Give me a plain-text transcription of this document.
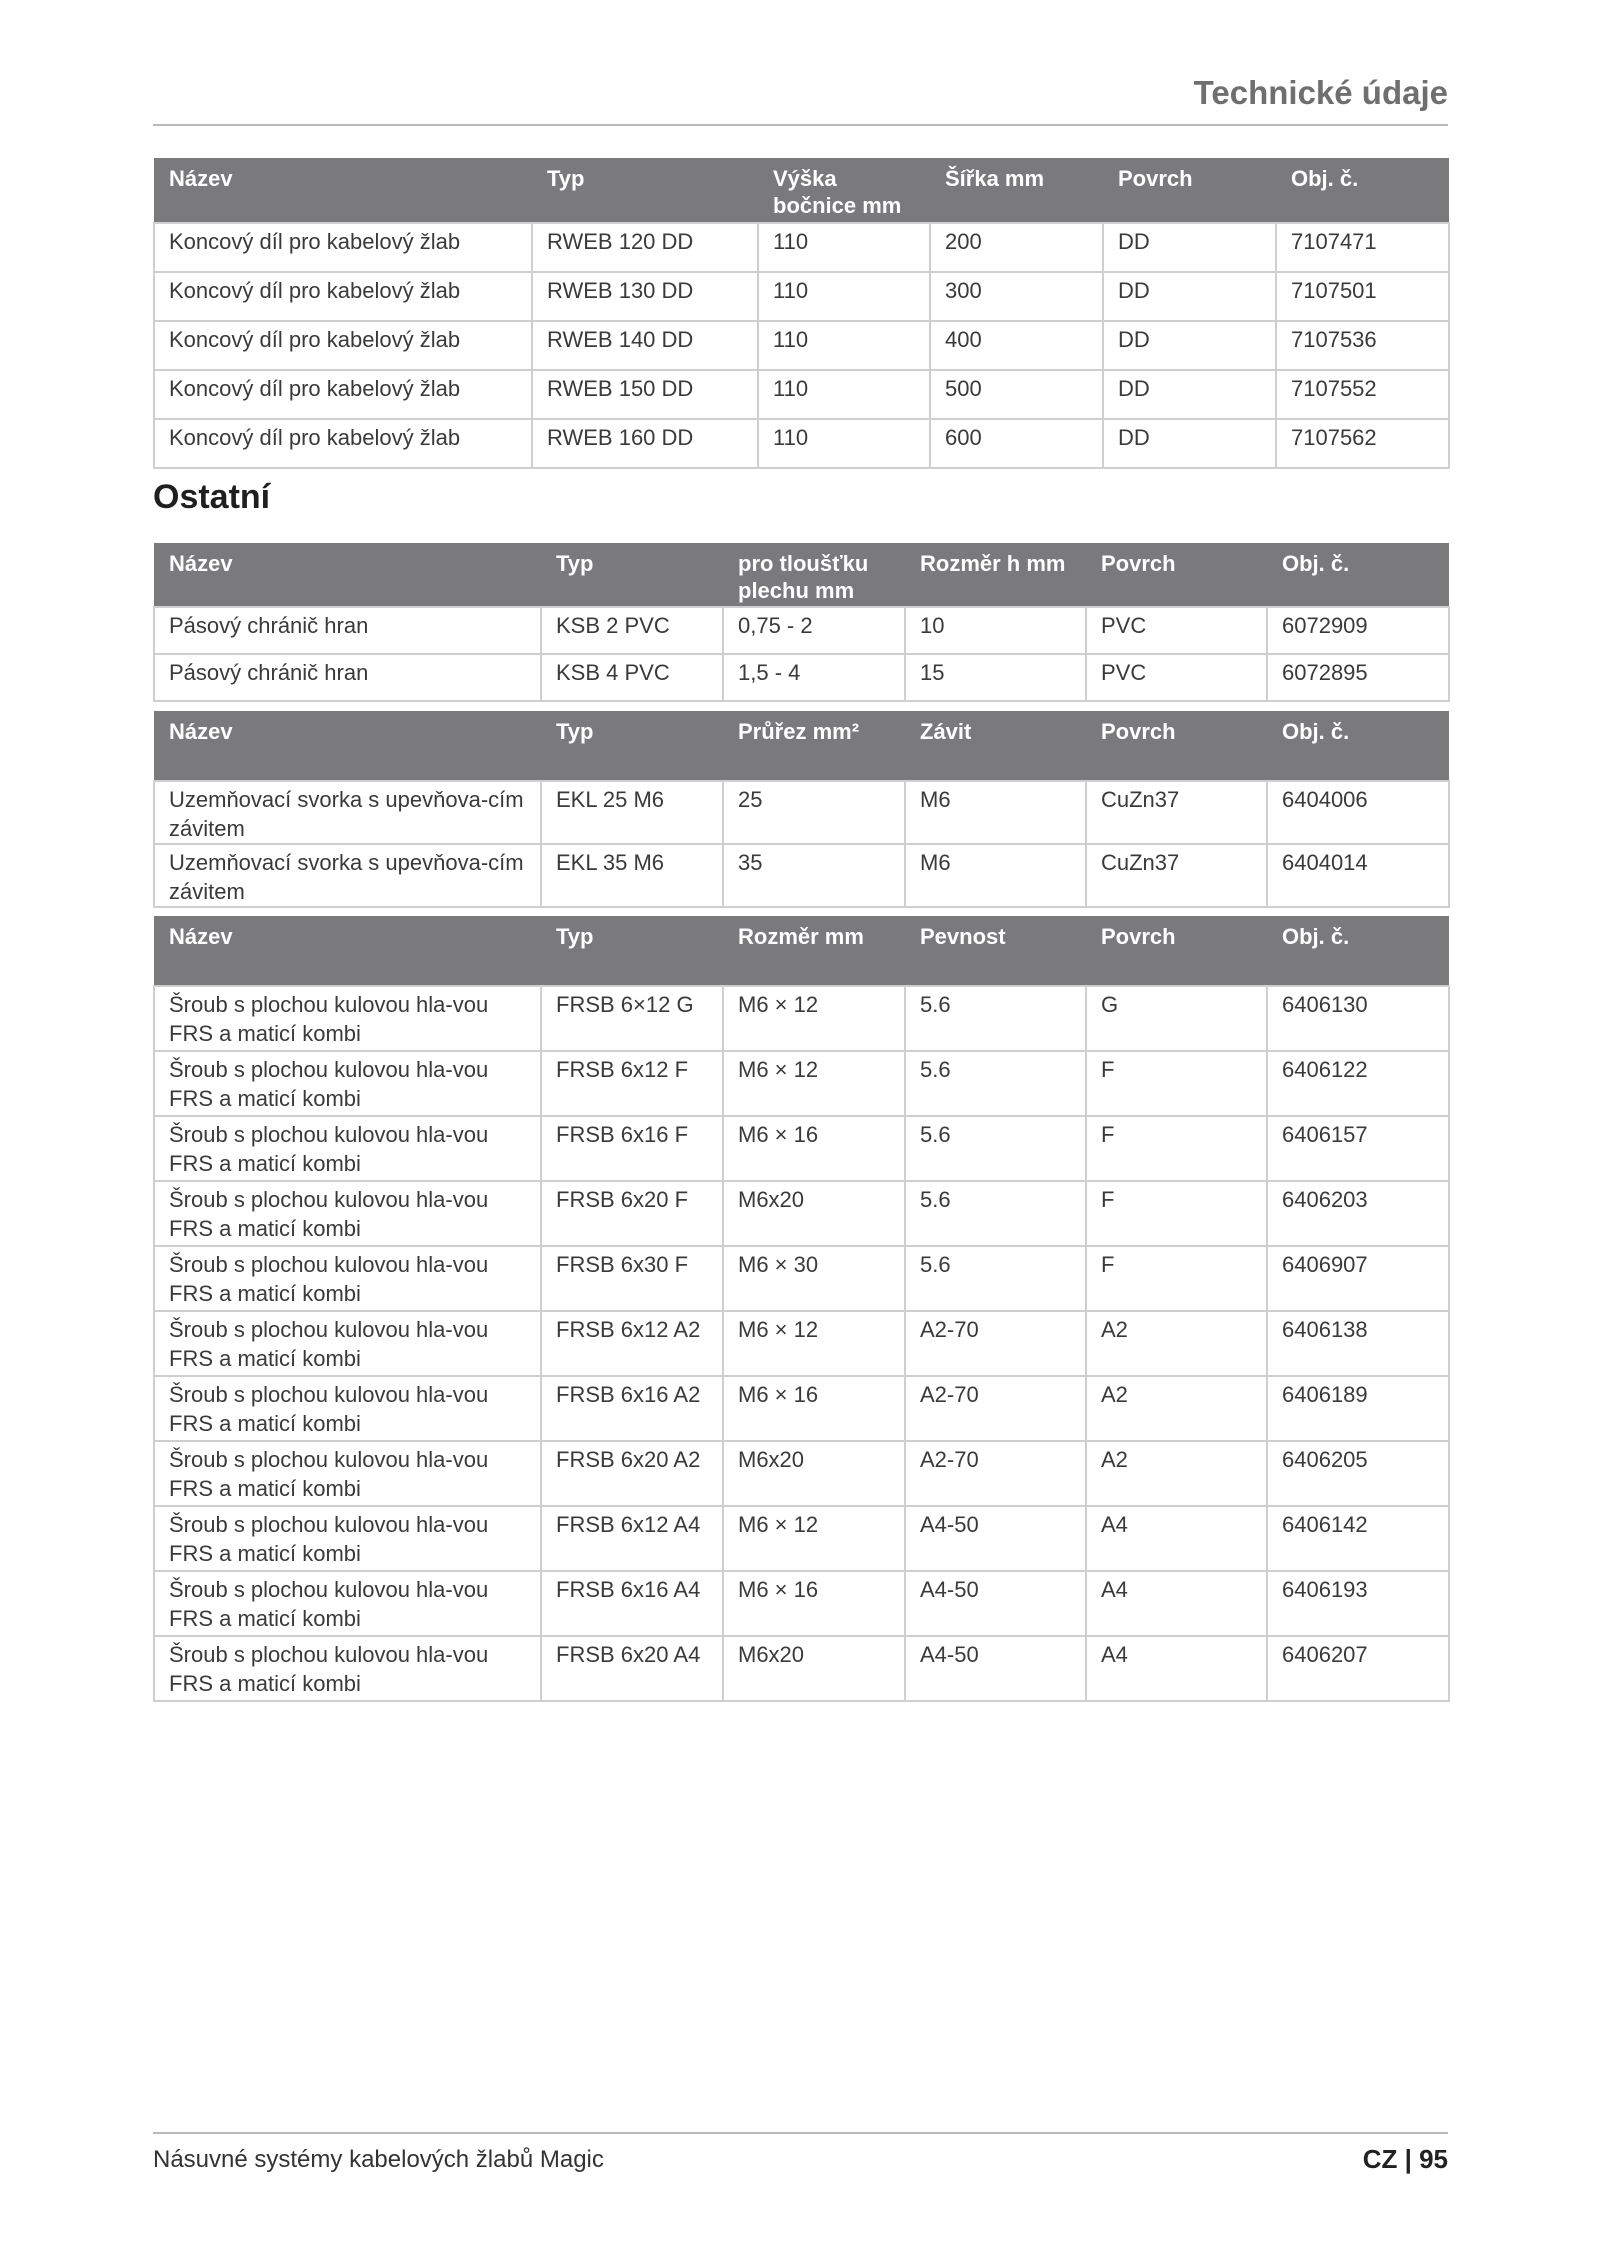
Technické údaje
Název	Typ	Výška bočnice mm	Šířka mm	Povrch	Obj. č.
Koncový díl pro kabelový žlab	RWEB 120 DD	110	200	DD	7107471
Koncový díl pro kabelový žlab	RWEB 130 DD	110	300	DD	7107501
Koncový díl pro kabelový žlab	RWEB 140 DD	110	400	DD	7107536
Koncový díl pro kabelový žlab	RWEB 150 DD	110	500	DD	7107552
Koncový díl pro kabelový žlab	RWEB 160 DD	110	600	DD	7107562
Ostatní
Název	Typ	pro tloušťku plechu mm	Rozměr h mm	Povrch	Obj. č.
Pásový chránič hran	KSB 2 PVC	0,75 - 2	10	PVC	6072909
Pásový chránič hran	KSB 4 PVC	1,5 - 4	15	PVC	6072895
Název	Typ	Průřez mm²	Závit	Povrch	Obj. č.
Uzemňovací svorka s upevňova-cím závitem	EKL 25 M6	25	M6	CuZn37	6404006
Uzemňovací svorka s upevňova-cím závitem	EKL 35 M6	35	M6	CuZn37	6404014
Název	Typ	Rozměr mm	Pevnost	Povrch	Obj. č.
Šroub s plochou kulovou hla-vou FRS a maticí kombi	FRSB 6×12 G	M6 × 12	5.6	G	6406130
Šroub s plochou kulovou hla-vou FRS a maticí kombi	FRSB 6x12 F	M6 × 12	5.6	F	6406122
Šroub s plochou kulovou hla-vou FRS a maticí kombi	FRSB 6x16 F	M6 × 16	5.6	F	6406157
Šroub s plochou kulovou hla-vou FRS a maticí kombi	FRSB 6x20 F	M6x20	5.6	F	6406203
Šroub s plochou kulovou hla-vou FRS a maticí kombi	FRSB 6x30 F	M6 × 30	5.6	F	6406907
Šroub s plochou kulovou hla-vou FRS a maticí kombi	FRSB 6x12 A2	M6 × 12	A2-70	A2	6406138
Šroub s plochou kulovou hla-vou FRS a maticí kombi	FRSB 6x16 A2	M6 × 16	A2-70	A2	6406189
Šroub s plochou kulovou hla-vou FRS a maticí kombi	FRSB 6x20 A2	M6x20	A2-70	A2	6406205
Šroub s plochou kulovou hla-vou FRS a maticí kombi	FRSB 6x12 A4	M6 × 12	A4-50	A4	6406142
Šroub s plochou kulovou hla-vou FRS a maticí kombi	FRSB 6x16 A4	M6 × 16	A4-50	A4	6406193
Šroub s plochou kulovou hla-vou FRS a maticí kombi	FRSB 6x20 A4	M6x20	A4-50	A4	6406207
Násuvné systémy kabelových žlabů Magic	CZ | 95
